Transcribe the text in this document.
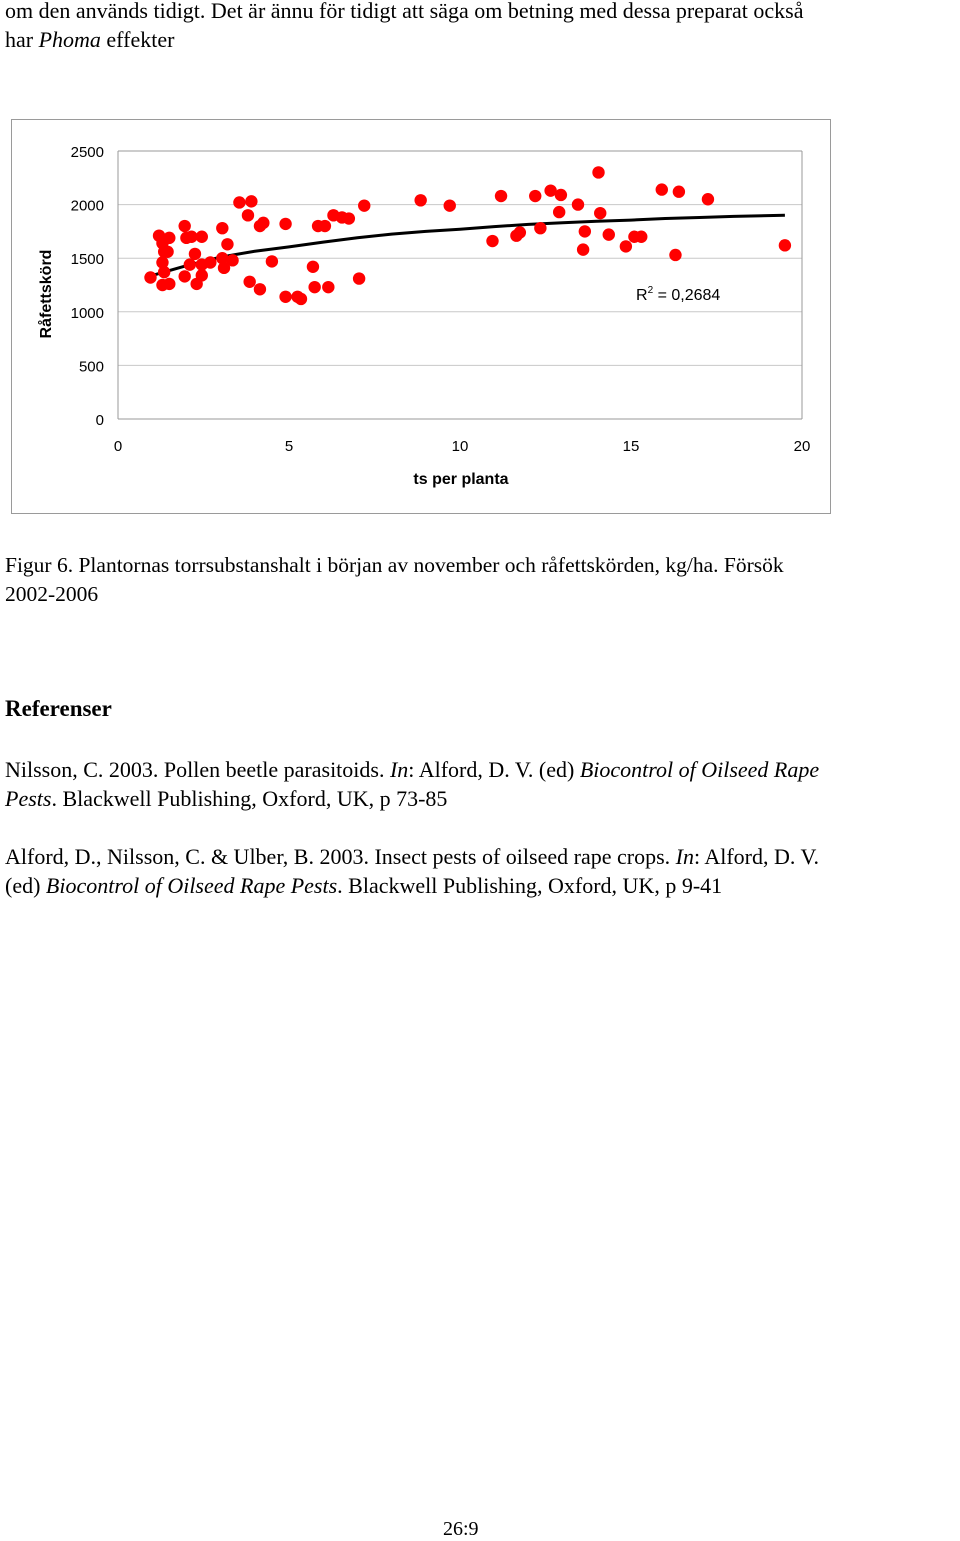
om den används tidigt. Det är ännu för tidigt att säga om betning med dessa preparat också
har Phoma effekter
0
500
1000
1500
2000
2500
0	5	10	15	20
Råfettskörd
ts per planta
$R^2 = 0,2684$
Figur 6. Plantornas torrsubstanshalt i början av november och råfettskörden, kg/ha. Försök
2002-2006
Referenser
Nilsson, C. 2003. Pollen beetle parasitoids. In: Alford, D. V. (ed) Biocontrol of Oilseed Rape
Pests. Blackwell Publishing, Oxford, UK, p 73-85
Alford, D., Nilsson, C. & Ulber, B. 2003. Insect pests of oilseed rape crops. In: Alford, D. V.
(ed) Biocontrol of Oilseed Rape Pests. Blackwell Publishing, Oxford, UK, p 9-41
26:9
